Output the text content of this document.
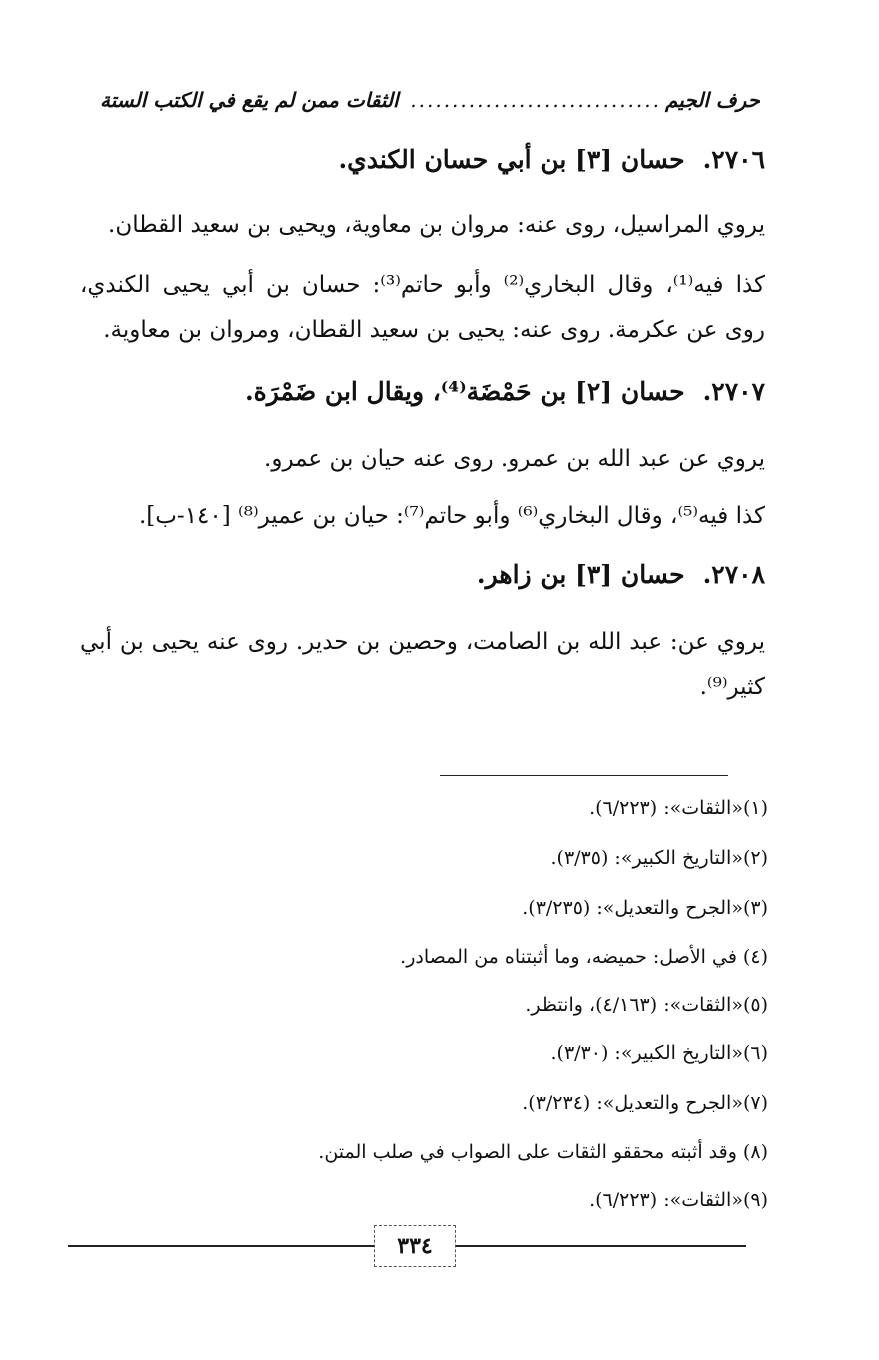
حرف الجيم
..............................
الثقات ممن لم يقع في الكتب الستة
٢٧٠٦.حسان [٣] بن أبي حسان الكندي.
يروي المراسيل، روى عنه: مروان بن معاوية، ويحيى بن سعيد القطان.
كذا فيه⁽¹⁾، وقال البخاري⁽²⁾ وأبو حاتم⁽³⁾: حسان بن أبي يحيى الكندي، روى عن عكرمة. روى عنه: يحيى بن سعيد القطان، ومروان بن معاوية.
٢٧٠٧.حسان [٢] بن حَمْضَة⁽⁴⁾، ويقال ابن ضَمْرَة.
يروي عن عبد الله بن عمرو. روى عنه حيان بن عمرو.
كذا فيه⁽⁵⁾، وقال البخاري⁽⁶⁾ وأبو حاتم⁽⁷⁾: حيان بن عمير⁽⁸⁾ [١٤٠-ب].
٢٧٠٨.حسان [٣] بن زاهر.
يروي عن: عبد الله بن الصامت، وحصين بن حدير. روى عنه يحيى بن أبي كثير⁽⁹⁾.
(١)«الثقات»: (٦/٢٢٣).
(٢)«التاريخ الكبير»: (٣/٣٥).
(٣)«الجرح والتعديل»: (٣/٢٣٥).
(٤) في الأصل: حميضه، وما أثبتناه من المصادر.
(٥)«الثقات»: (٤/١٦٣)، وانتظر.
(٦)«التاريخ الكبير»: (٣/٣٠).
(٧)«الجرح والتعديل»: (٣/٢٣٤).
(٨) وقد أثبته محققو الثقات على الصواب في صلب المتن.
(٩)«الثقات»: (٦/٢٢٣).
٣٣٤
